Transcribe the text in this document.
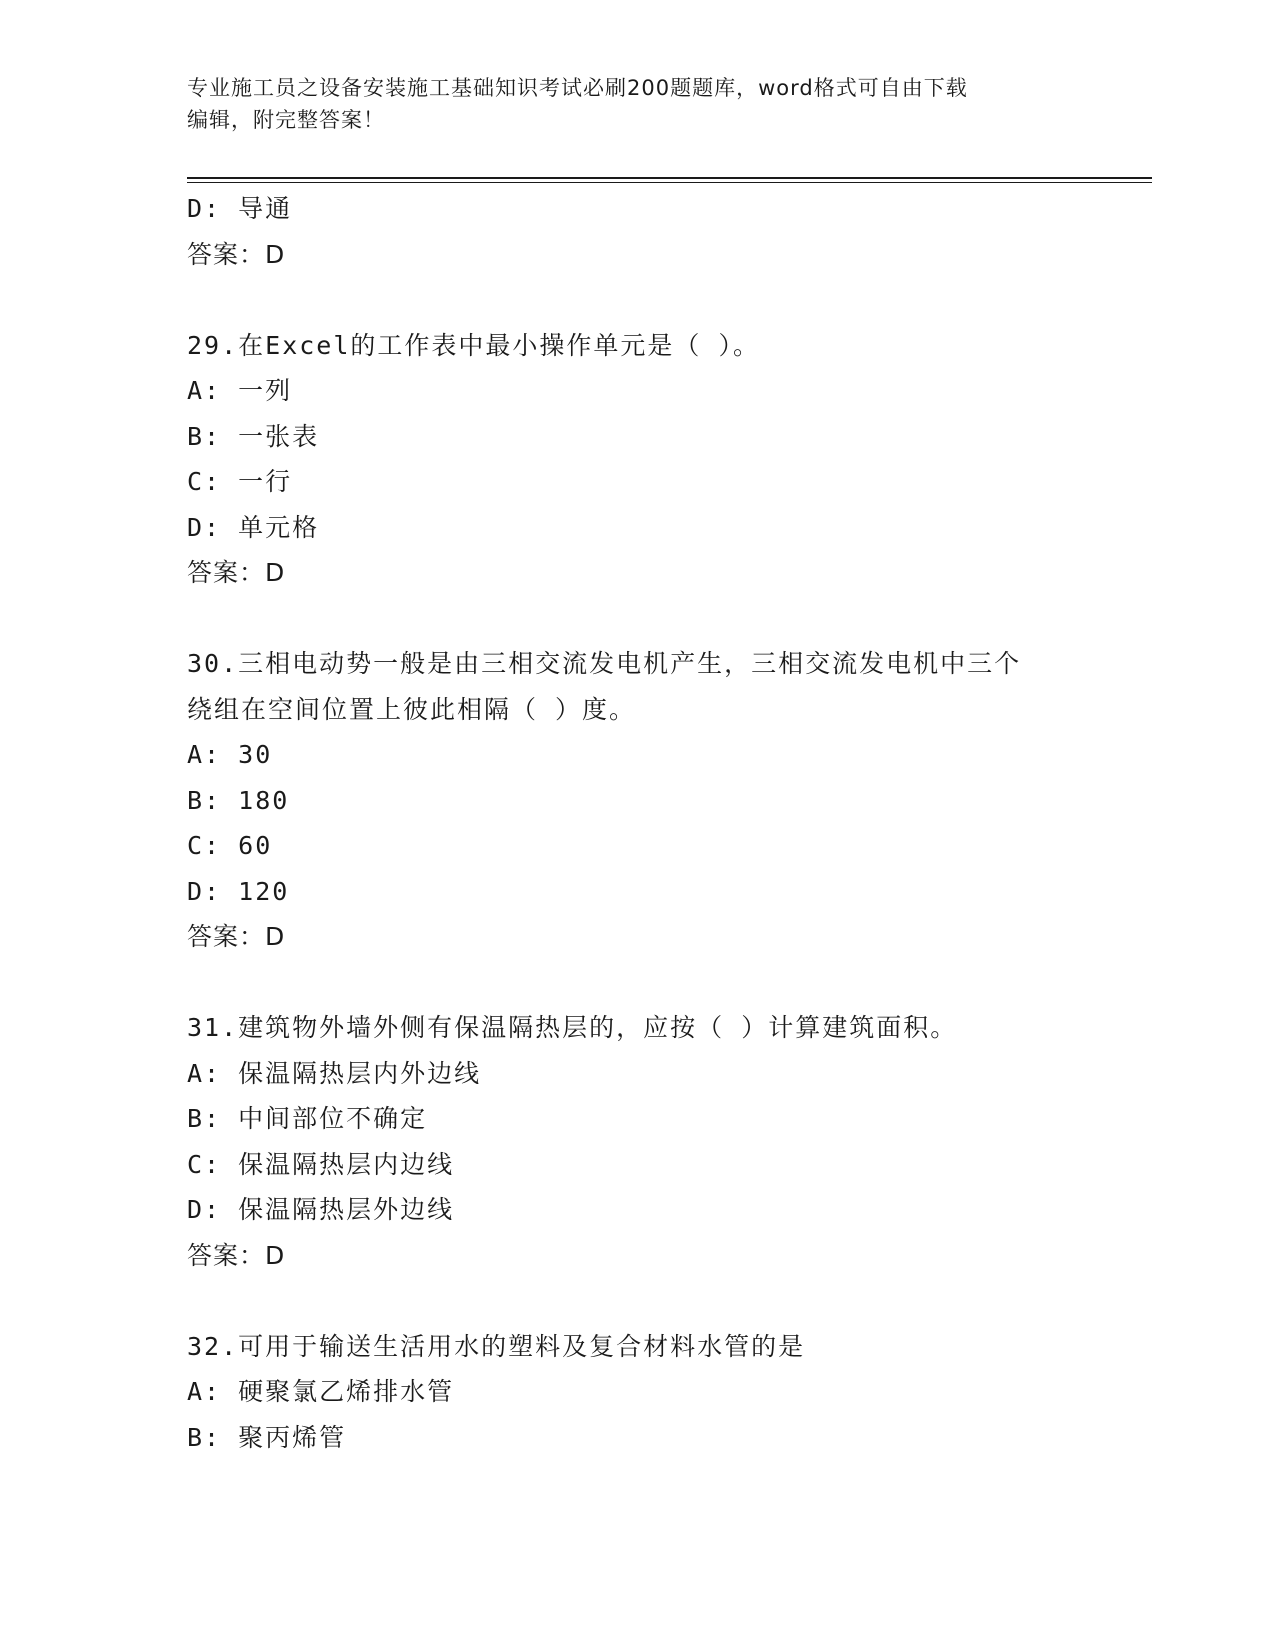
专业施工员之设备安装施工基础知识考试必刷200题题库，word格式可自由下载
编辑，附完整答案！
D: 导通
答案：D
29.在Excel的工作表中最小操作单元是（ ）。
A: 一列
B: 一张表
C: 一行
D: 单元格
答案：D
30.三相电动势一般是由三相交流发电机产生，三相交流发电机中三个
绕组在空间位置上彼此相隔（ ）度。
A: 30
B: 180
C: 60
D: 120
答案：D
31.建筑物外墙外侧有保温隔热层的，应按（ ）计算建筑面积。
A: 保温隔热层内外边线
B: 中间部位不确定
C: 保温隔热层内边线
D: 保温隔热层外边线
答案：D
32.可用于输送生活用水的塑料及复合材料水管的是
A: 硬聚氯乙烯排水管
B: 聚丙烯管
